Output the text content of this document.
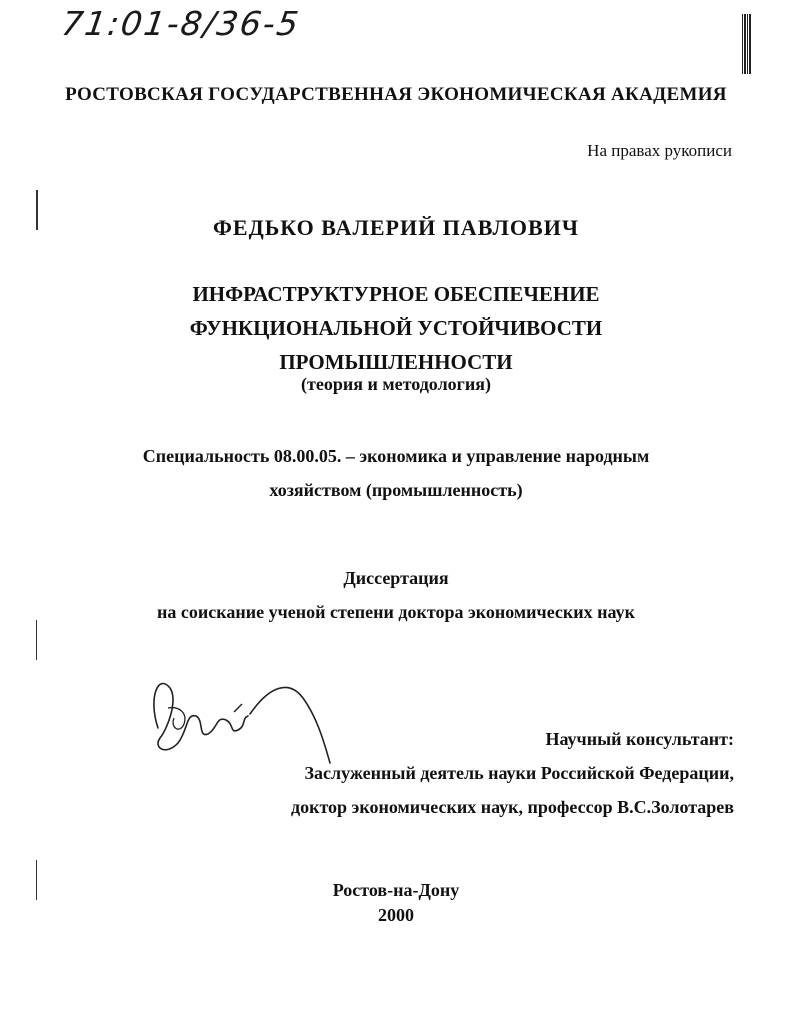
71:01-8/36-5
РОСТОВСКАЯ ГОСУДАРСТВЕННАЯ ЭКОНОМИЧЕСКАЯ АКАДЕМИЯ
На правах рукописи
ФЕДЬКО ВАЛЕРИЙ ПАВЛОВИЧ
ИНФРАСТРУКТУРНОЕ ОБЕСПЕЧЕНИЕ
ФУНКЦИОНАЛЬНОЙ УСТОЙЧИВОСТИ
ПРОМЫШЛЕННОСТИ
(теория и методология)
Специальность 08.00.05. – экономика и управление народным
хозяйством (промышленность)
Диссертация
на соискание ученой степени доктора экономических наук
Научный консультант:
Заслуженный деятель науки Российской Федерации,
доктор экономических наук, профессор В.С.Золотарев
Ростов-на-Дону
2000
